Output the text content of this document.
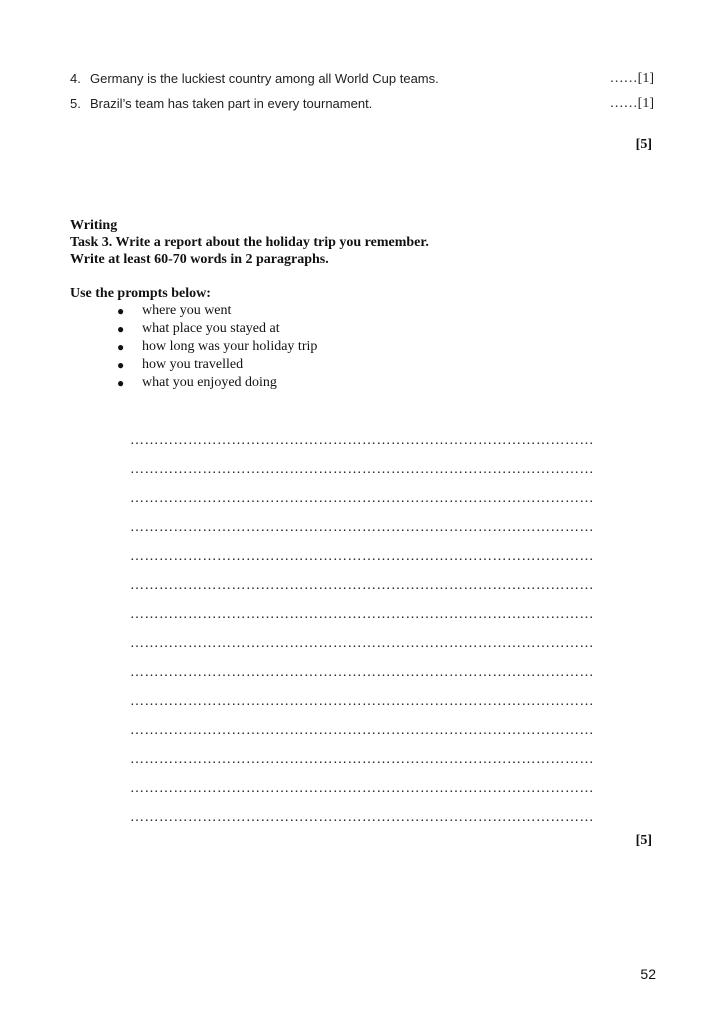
4. Germany is the luckiest country among all World Cup teams.	……[1]
5. Brazil’s team has taken part in every tournament.	……[1]
[5]

Writing

Task 3. Write a report about the holiday trip you remember.

Write at least 60-70 words in 2 paragraphs.

Use the prompts below:

● where you went
● what place you stayed at
● how long was your holiday trip
● how you travelled
● what you enjoyed doing
……………………………………………………………………………………
……………………………………………………………………………………
……………………………………………………………………………………
……………………………………………………………………………………
……………………………………………………………………………………
……………………………………………………………………………………
……………………………………………………………………………………
……………………………………………………………………………………
……………………………………………………………………………………
……………………………………………………………………………………
……………………………………………………………………………………
……………………………………………………………………………………
……………………………………………………………………………………
……………………………………………………………………………………
[5]
52
